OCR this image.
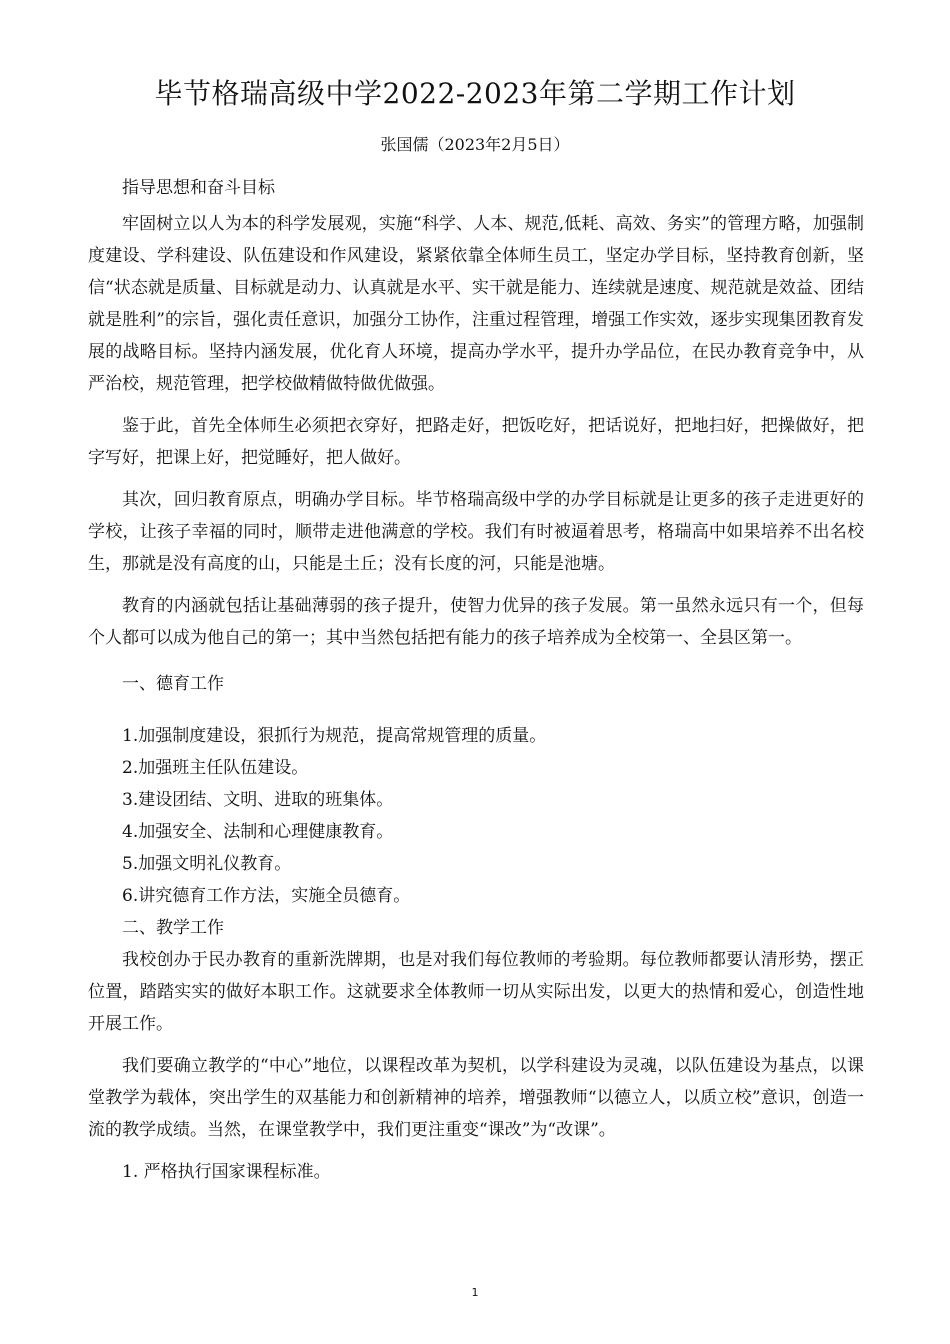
毕节格瑞高级中学2022-2023年第二学期工作计划
张国儒（2023年2月5日）

指导思想和奋斗目标

牢固树立以人为本的科学发展观，实施“科学、人本、规范,低耗、高效、务实”的管理方略，加强制度建设、学科建设、队伍建设和作风建设，紧紧依靠全体师生员工，坚定办学目标，坚持教育创新，坚信“状态就是质量、目标就是动力、认真就是水平、实干就是能力、连续就是速度、规范就是效益、团结就是胜利”的宗旨，强化责任意识，加强分工协作，注重过程管理，增强工作实效，逐步实现集团教育发展的战略目标。坚持内涵发展，优化育人环境，提高办学水平，提升办学品位，在民办教育竞争中，从严治校，规范管理，把学校做精做特做优做强。

鉴于此，首先全体师生必须把衣穿好，把路走好，把饭吃好，把话说好，把地扫好，把操做好，把字写好，把课上好，把觉睡好，把人做好。

其次，回归教育原点，明确办学目标。毕节格瑞高级中学的办学目标就是让更多的孩子走进更好的学校，让孩子幸福的同时，顺带走进他满意的学校。我们有时被逼着思考，格瑞高中如果培养不出名校生，那就是没有高度的山，只能是土丘；没有长度的河，只能是池塘。

教育的内涵就包括让基础薄弱的孩子提升，使智力优异的孩子发展。第一虽然永远只有一个，但每个人都可以成为他自己的第一；其中当然包括把有能力的孩子培养成为全校第一、全县区第一。

一、德育工作

1.加强制度建设，狠抓行为规范，提高常规管理的质量。

2.加强班主任队伍建设。

3.建设团结、文明、进取的班集体。

4.加强安全、法制和心理健康教育。

5.加强文明礼仪教育。

6.讲究德育工作方法，实施全员德育。

二、教学工作

我校创办于民办教育的重新洗牌期，也是对我们每位教师的考验期。每位教师都要认清形势，摆正位置，踏踏实实的做好本职工作。这就要求全体教师一切从实际出发，以更大的热情和爱心，创造性地开展工作。

我们要确立教学的“中心”地位，以课程改革为契机，以学科建设为灵魂，以队伍建设为基点，以课堂教学为载体，突出学生的双基能力和创新精神的培养，增强教师“以德立人，以质立校”意识，创造一流的教学成绩。当然，在课堂教学中，我们更注重变“课改”为“改课”。

1. 严格执行国家课程标准。

1
